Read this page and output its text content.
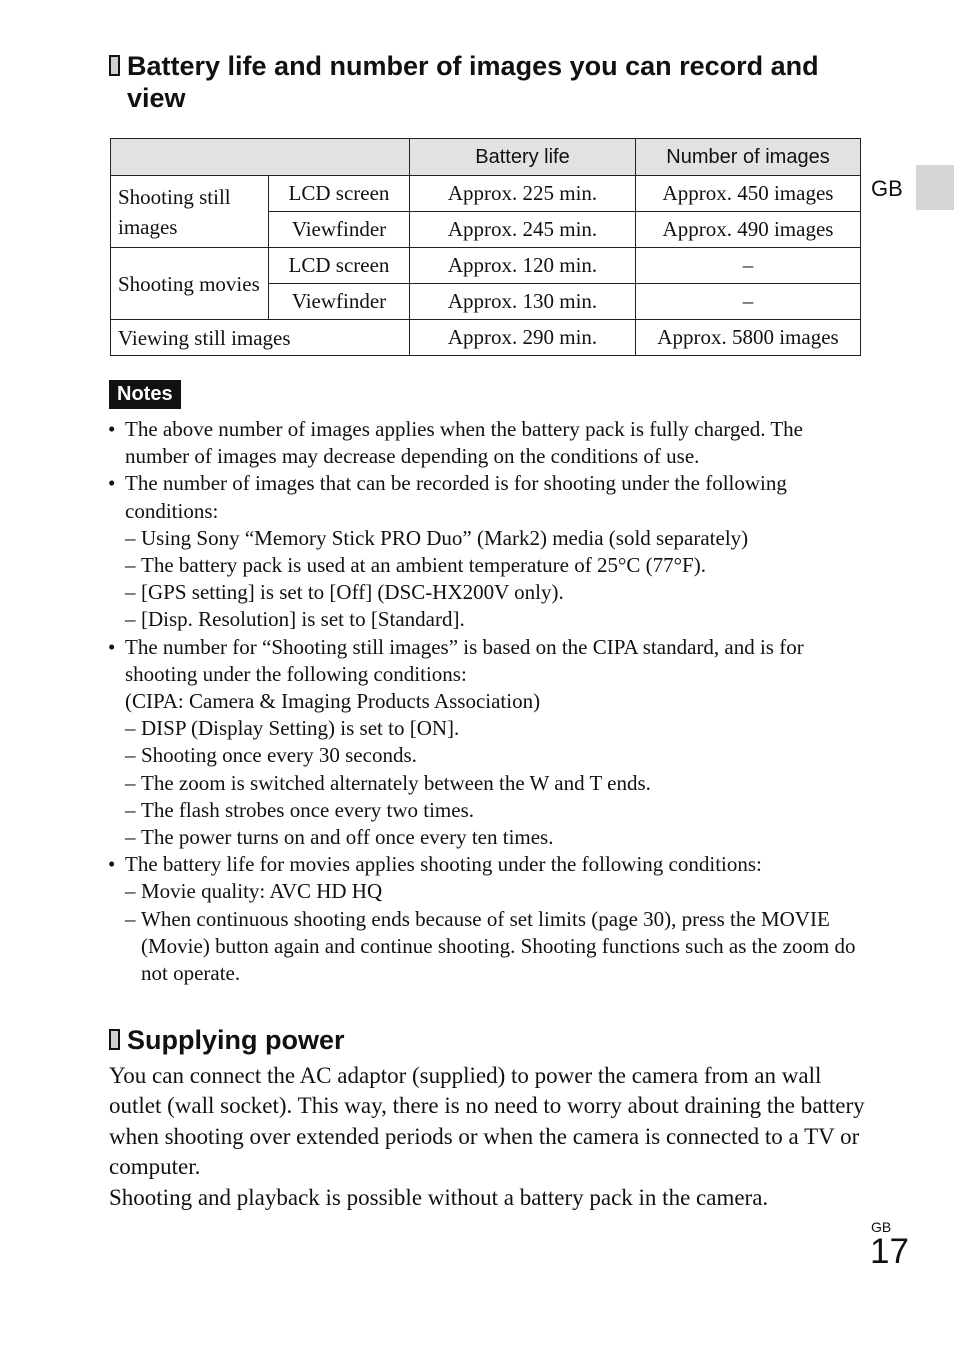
Battery life and number of images you can record and view
		Battery life	Number of images
Shooting still images	LCD screen	Approx. 225 min.	Approx. 450 images
	Viewfinder	Approx. 245 min.	Approx. 490 images
Shooting movies	LCD screen	Approx. 120 min.	–
	Viewfinder	Approx. 130 min.	–
Viewing still images		Approx. 290 min.	Approx. 5800 images
Notes
• The above number of images applies when the battery pack is fully charged. The number of images may decrease depending on the conditions of use.
• The number of images that can be recorded is for shooting under the following conditions:
– Using Sony “Memory Stick PRO Duo” (Mark2) media (sold separately)
– The battery pack is used at an ambient temperature of 25°C (77°F).
– [GPS setting] is set to [Off] (DSC-HX200V only).
– [Disp. Resolution] is set to [Standard].
• The number for “Shooting still images” is based on the CIPA standard, and is for shooting under the following conditions:
(CIPA: Camera & Imaging Products Association)
– DISP (Display Setting) is set to [ON].
– Shooting once every 30 seconds.
– The zoom is switched alternately between the W and T ends.
– The flash strobes once every two times.
– The power turns on and off once every ten times.
• The battery life for movies applies shooting under the following conditions:
– Movie quality: AVC HD HQ
– When continuous shooting ends because of set limits (page 30), press the MOVIE (Movie) button again and continue shooting. Shooting functions such as the zoom do not operate.
Supplying power

You can connect the AC adaptor (supplied) to power the camera from an wall outlet (wall socket). This way, there is no need to worry about draining the battery when shooting over extended periods or when the camera is connected to a TV or computer.

Shooting and playback is possible without a battery pack in the camera.

GB
GB
17
